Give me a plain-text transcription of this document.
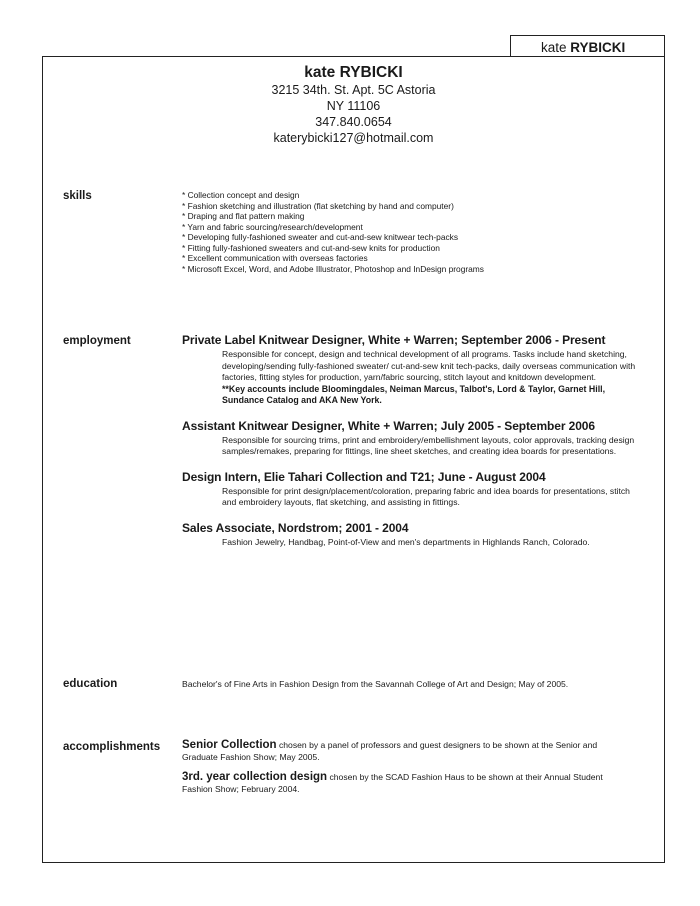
kate RYBICKI
kate RYBICKI
3215 34th. St. Apt. 5C Astoria
NY 11106
347.840.0654
katerybicki127@hotmail.com
skills	* Collection concept and design
* Fashion sketching and illustration (flat sketching by hand and computer)
* Draping and flat pattern making
* Yarn and fabric sourcing/research/development
* Developing fully-fashioned sweater and cut-and-sew knitwear tech-packs
* Fitting fully-fashioned sweaters and cut-and-sew knits for production
* Excellent communication with overseas factories
* Microsoft Excel, Word, and Adobe Illustrator, Photoshop and InDesign programs
employment	Private Label Knitwear Designer, White + Warren; September 2006 - Present
Responsible for concept, design and technical development of all programs. Tasks include hand sketching, developing/sending fully-fashioned sweater/ cut-and-sew knit tech-packs, daily overseas communication with factories, fitting styles for production, yarn/fabric sourcing, stitch layout and knitdown development.
**Key accounts include Bloomingdales, Neiman Marcus, Talbot's, Lord & Taylor, Garnet Hill, Sundance Catalog and AKA New York.
Assistant Knitwear Designer, White + Warren; July 2005 - September 2006
Responsible for sourcing trims, print and embroidery/embellishment layouts, color approvals, tracking design samples/remakes, preparing for fittings, line sheet sketches, and creating idea boards for presentations.
Design Intern, Elie Tahari Collection and T21; June - August 2004
Responsible for print design/placement/coloration, preparing fabric and idea boards for presentations, stitch and embroidery layouts, flat sketching, and assisting in fittings.
Sales Associate, Nordstrom; 2001 - 2004
Fashion Jewelry, Handbag, Point-of-View and men's departments in Highlands Ranch, Colorado.
education	Bachelor's of Fine Arts in Fashion Design from the Savannah College of Art and Design; May of 2005.
accomplishments Senior Collection chosen by a panel of professors and guest designers to be shown at the Senior and Graduate Fashion Show; May 2005.
3rd. year collection design chosen by the SCAD Fashion Haus to be shown at their Annual Student Fashion Show; February 2004.
